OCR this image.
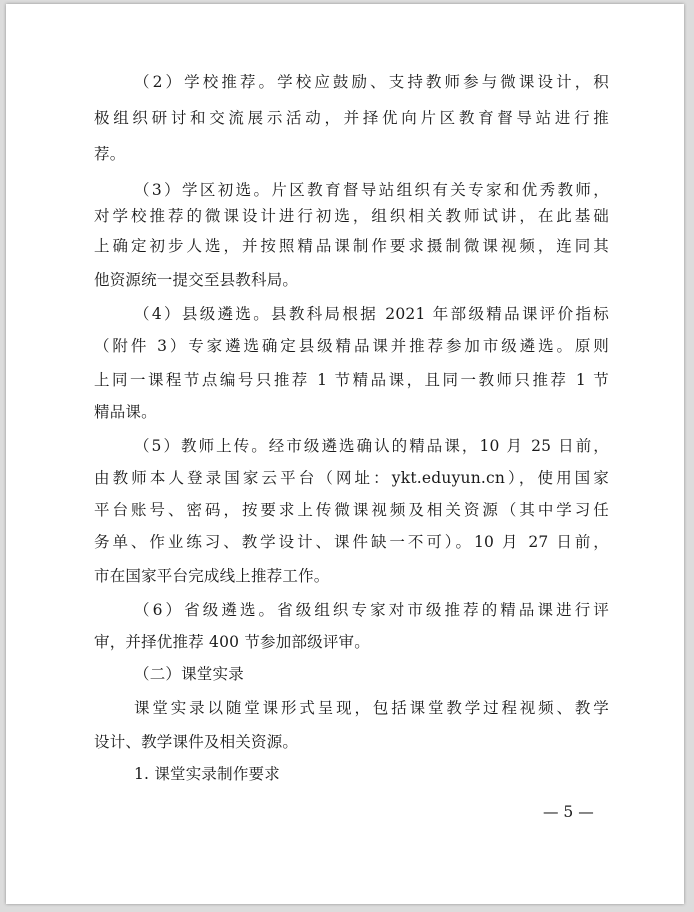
（2）学校推荐。学校应鼓励、支持教师参与微课设计，积
极组织研讨和交流展示活动，并择优向片区教育督导站进行推
荐。
（3）学区初选。片区教育督导站组织有关专家和优秀教师，
对学校推荐的微课设计进行初选，组织相关教师试讲，在此基础
上确定初步人选，并按照精品课制作要求摄制微课视频，连同其
他资源统一提交至县教科局。
（4）县级遴选。县教科局根据 2021 年部级精品课评价指标
（附件 3）专家遴选确定县级精品课并推荐参加市级遴选。原则
上同一课程节点编号只推荐 1 节精品课，且同一教师只推荐 1 节
精品课。
（5）教师上传。经市级遴选确认的精品课，10 月 25 日前，
由教师本人登录国家云平台（网址：ykt.eduyun.cn），使用国家
平台账号、密码，按要求上传微课视频及相关资源（其中学习任
务单、作业练习、教学设计、课件缺一不可）。10 月 27 日前，
市在国家平台完成线上推荐工作。
（6）省级遴选。省级组织专家对市级推荐的精品课进行评
审，并择优推荐 400 节参加部级评审。
（二）课堂实录
课堂实录以随堂课形式呈现，包括课堂教学过程视频、教学
设计、教学课件及相关资源。
1. 课堂实录制作要求
— 5 —
